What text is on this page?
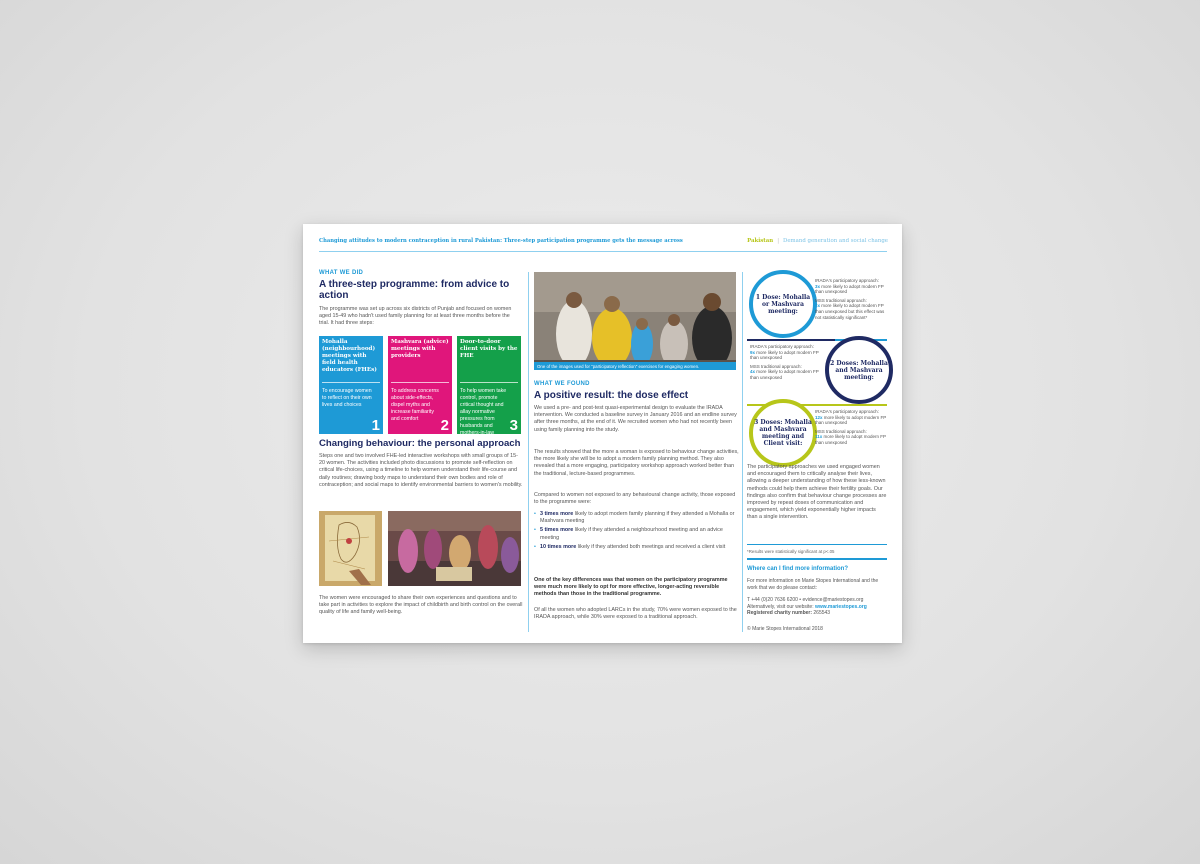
Changing attitudes to modern contraception in rural Pakistan: Three-step participation programme gets the message across	Pakistan | Demand generation and social change
WHAT WE DID
A three-step programme: from advice to action
The programme was set up across six districts of Punjab and focused on women aged 15-49 who hadn't used family planning for at least three months before the trial. It had three steps:
Mohalla (neighbourhood) meetings with field health educators (FHEs)
To encourage women to reflect on their own lives and choices
1
Mashvara (advice) meetings with providers
To address concerns about side-effects, dispel myths and increase familiarity and comfort	2
Door-to-door client visits by the FHE
To help women take control, promote critical thought and allay normative pressures from husbands and mothers-in-law	3
Changing behaviour: the personal approach
Steps one and two involved FHE-led interactive workshops with small groups of 15-20 women. The activities included photo discussions to promote self-reflection on critical life-choices, using a timeline to help women understand their life-course and daily routines; drawing body maps to understand their own bodies and role of contraception; and social maps to identify environmental barriers to women's mobility.
The women were encouraged to share their own experiences and questions and to take part in activities to explore the impact of childbirth and birth control on the overall quality of life and family well-being.
One of the images used for "participatory reflection" exercises for engaging women.
WHAT WE FOUND
A positive result: the dose effect
We used a pre- and post-test quasi-experimental design to evaluate the IRADA intervention. We conducted a baseline survey in January 2016 and an endline survey after three months, at the end of it. We recruited women who had not recently been using family planning into the study.
The results showed that the more a woman is exposed to behaviour change activities, the more likely she will be to adopt a modern family planning method. They also revealed that a more engaging, participatory workshop approach worked better than the traditional, lecture-based programmes.
Compared to women not exposed to any behavioural change activity, those exposed to the programme were:
• 3 times more likely to adopt modern family planning if they attended a Mohalla or Mashvara meeting
• 5 times more likely if they attended a neighbourhood meeting and an advice meeting
• 10 times more likely if they attended both meetings and received a client visit
One of the key differences was that women on the participatory programme were much more likely to opt for more effective, longer-acting reversible methods than those in the traditional programme.
Of all the women who adopted LARCs in the study, 70% were women exposed to the IRADA approach, while 30% were exposed to a traditional approach.
1 Dose: Mohalla or Mashvara meeting:
IRADA's participatory approach:
3x more likely to adopt modern FP than unexposed
MSS traditional approach:
2x more likely to adopt modern FP than unexposed but this effect was not statistically significant*
2 Doses: Mohalla and Mashvara meeting:
IRADA's participatory approach:
9x more likely to adopt modern FP than unexposed
MSS traditional approach:
4x more likely to adopt modern FP than unexposed
3 Doses: Mohalla and Mashvara meeting and Client visit:
IRADA's participatory approach:
12x more likely to adopt modern FP than unexposed
MSS traditional approach:
11x more likely to adopt modern FP than unexposed
The participatory approaches we used engaged women and encouraged them to critically analyse their lives, allowing a deeper understanding of how these less-known methods could help them achieve their fertility goals. Our findings also confirm that behaviour change processes are improved by repeat doses of communication and engagement, which yield exponentially higher impacts than a single intervention.
*Results were statistically significant at p<.05
Where can I find more information?
For more information on Marie Stopes International and the work that we do please contact:
T +44 (0)20 7636 6200 • evidence@mariestopes.org
Alternatively, visit our website: www.mariestopes.org
Registered charity number: 265543
© Marie Stopes International 2018
